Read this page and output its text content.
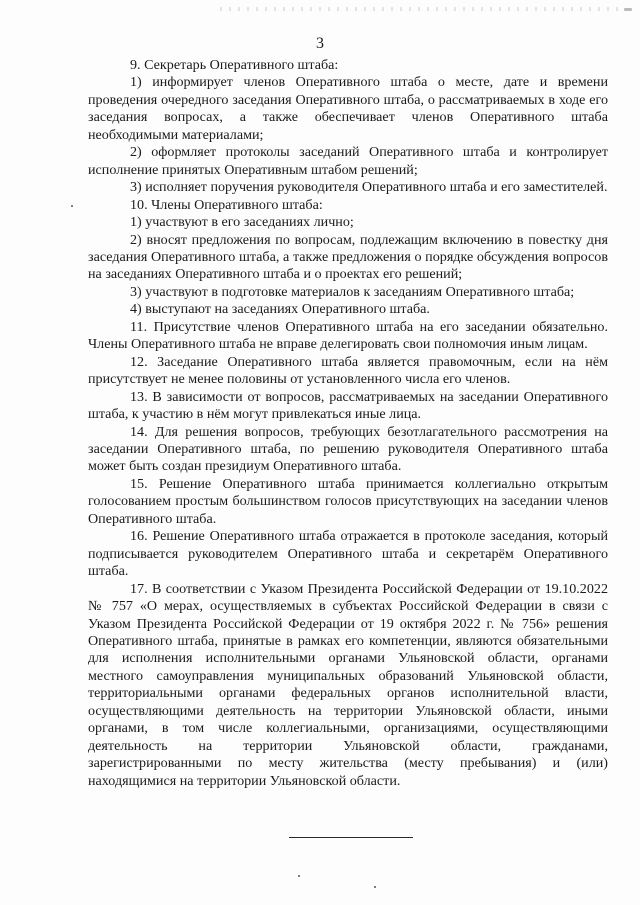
3

9. Секретарь Оперативного штаба:

1) информирует членов Оперативного штаба о месте, дате и времени проведения очередного заседания Оперативного штаба, о рассматриваемых в ходе его заседания вопросах, а также обеспечивает членов Оперативного штаба необходимыми материалами;

2) оформляет протоколы заседаний Оперативного штаба и контролирует исполнение принятых Оперативным штабом решений;

3) исполняет поручения руководителя Оперативного штаба и его заместителей.

10. Члены Оперативного штаба:

1) участвуют в его заседаниях лично;

2) вносят предложения по вопросам, подлежащим включению в повестку дня заседания Оперативного штаба, а также предложения о порядке обсуждения вопросов на заседаниях Оперативного штаба и о проектах его решений;

3) участвуют в подготовке материалов к заседаниям Оперативного штаба;

4) выступают на заседаниях Оперативного штаба.

11. Присутствие членов Оперативного штаба на его заседании обязательно. Члены Оперативного штаба не вправе делегировать свои полномочия иным лицам.

12. Заседание Оперативного штаба является правомочным, если на нём присутствует не менее половины от установленного числа его членов.

13. В зависимости от вопросов, рассматриваемых на заседании Оперативного штаба, к участию в нём могут привлекаться иные лица.

14. Для решения вопросов, требующих безотлагательного рассмотрения на заседании Оперативного штаба, по решению руководителя Оперативного штаба может быть создан президиум Оперативного штаба.

15. Решение Оперативного штаба принимается коллегиально открытым голосованием простым большинством голосов присутствующих на заседании членов Оперативного штаба.

16. Решение Оперативного штаба отражается в протоколе заседания, который подписывается руководителем Оперативного штаба и секретарём Оперативного штаба.

17. В соответствии с Указом Президента Российской Федерации от 19.10.2022 № 757 «О мерах, осуществляемых в субъектах Российской Федерации в связи с Указом Президента Российской Федерации от 19 октября 2022 г. № 756» решения Оперативного штаба, принятые в рамках его компетенции, являются обязательными для исполнения исполнительными органами Ульяновской области, органами местного самоуправления муниципальных образований Ульяновской области, территориальными органами федеральных органов исполнительной власти, осуществляющими деятельность на территории Ульяновской области, иными органами, в том числе коллегиальными, организациями, осуществляющими деятельность на территории Ульяновской области, гражданами, зарегистрированными по месту жительства (месту пребывания) и (или) находящимися на территории Ульяновской области.
